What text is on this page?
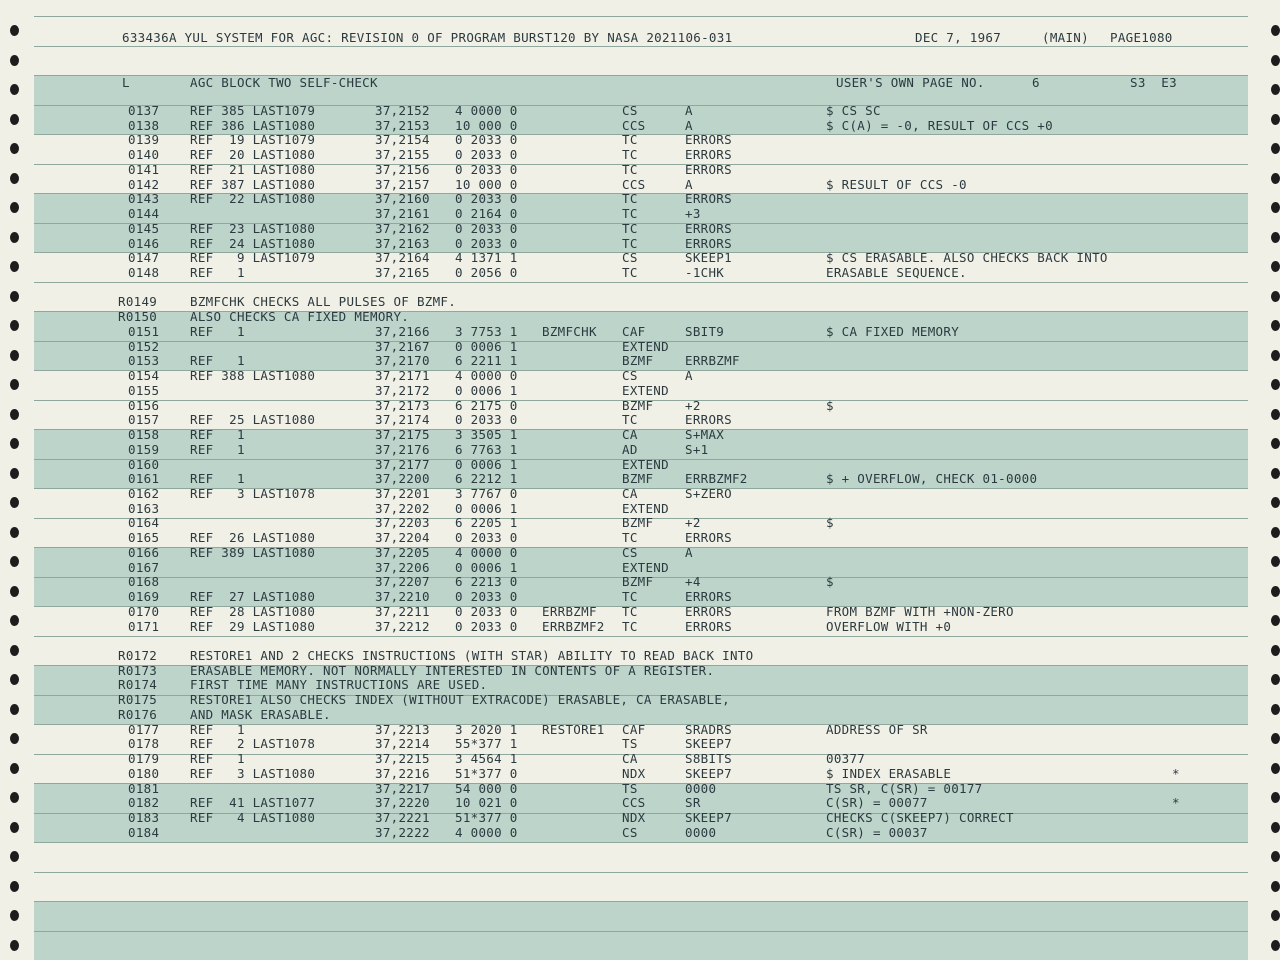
633436A YUL SYSTEM FOR AGC: REVISION 0 OF PROGRAM BURST120 BY NASA 2021106-031	DEC 7, 1967	(MAIN) PAGE1080
L	AGC BLOCK TWO SELF-CHECK	USER'S OWN PAGE NO.	6	S3  E3
0137 REF 385 LAST1079	37,2152 4 0000 0	CS	A	$ CS SC
0138 REF 386 LAST1080	37,2153 10 000 0	CCS	A	$ C(A) = -0, RESULT OF CCS +0
0139 REF  19 LAST1079	37,2154 0 2033 0	TC	ERRORS
0140 REF  20 LAST1080	37,2155 0 2033 0	TC	ERRORS
0141 REF  21 LAST1080	37,2156 0 2033 0	TC	ERRORS
0142 REF 387 LAST1080	37,2157 10 000 0	CCS	A	$ RESULT OF CCS -0
0143 REF  22 LAST1080	37,2160 0 2033 0	TC	ERRORS
0144	37,2161 0 2164 0	TC	+3
0145 REF  23 LAST1080	37,2162 0 2033 0	TC	ERRORS
0146 REF  24 LAST1080	37,2163 0 2033 0	TC	ERRORS
0147 REF   9 LAST1079	37,2164 4 1371 1	CS	SKEEP1	$ CS ERASABLE. ALSO CHECKS BACK INTO
0148 REF   1	37,2165 0 2056 0	TC	-1CHK	ERASABLE SEQUENCE.
R0149	BZMFCHK CHECKS ALL PULSES OF BZMF.
R0150	ALSO CHECKS CA FIXED MEMORY.
0151 REF   1	37,2166 3 7753 1 BZMFCHK CAF	SBIT9	$ CA FIXED MEMORY
0152	37,2167 0 0006 1	EXTEND
0153 REF   1	37,2170 6 2211 1	BZMF	ERRBZMF
0154 REF 388 LAST1080	37,2171 4 0000 0	CS	A
0155	37,2172 0 0006 1	EXTEND
0156	37,2173 6 2175 0	BZMF	+2	$
0157 REF  25 LAST1080	37,2174 0 2033 0	TC	ERRORS
0158 REF   1	37,2175 3 3505 1	CA	S+MAX
0159 REF   1	37,2176 6 7763 1	AD	S+1
0160	37,2177 0 0006 1	EXTEND
0161 REF   1	37,2200 6 2212 1	BZMF	ERRBZMF2	$ + OVERFLOW, CHECK 01-0000
0162 REF   3 LAST1078	37,2201 3 7767 0	CA	S+ZERO
0163	37,2202 0 0006 1	EXTEND
0164	37,2203 6 2205 1	BZMF	+2	$
0165 REF  26 LAST1080	37,2204 0 2033 0	TC	ERRORS
0166 REF 389 LAST1080	37,2205 4 0000 0	CS	A
0167	37,2206 0 0006 1	EXTEND
0168	37,2207 6 2213 0	BZMF	+4	$
0169 REF  27 LAST1080	37,2210 0 2033 0	TC	ERRORS
0170 REF  28 LAST1080	37,2211 0 2033 0 ERRBZMF TC	ERRORS	FROM BZMF WITH +NON-ZERO
0171 REF  29 LAST1080	37,2212 0 2033 0 ERRBZMF2 TC	ERRORS	OVERFLOW WITH +0
R0172	RESTORE1 AND 2 CHECKS INSTRUCTIONS (WITH STAR) ABILITY TO READ BACK INTO
R0173	ERASABLE MEMORY. NOT NORMALLY INTERESTED IN CONTENTS OF A REGISTER.
R0174	FIRST TIME MANY INSTRUCTIONS ARE USED.
R0175	RESTORE1 ALSO CHECKS INDEX (WITHOUT EXTRACODE) ERASABLE, CA ERASABLE,
R0176	AND MASK ERASABLE.
0177 REF   1	37,2213 3 2020 1 RESTORE1 CAF	SRADRS	ADDRESS OF SR
0178 REF   2 LAST1078	37,2214 55*377 1	TS	SKEEP7
0179 REF   1	37,2215 3 4564 1	CA	S8BITS	00377
0180 REF   3 LAST1080	37,2216 51*377 0	NDX	SKEEP7	$ INDEX ERASABLE	*
0181	37,2217 54 000 0	TS	0000	TS SR, C(SR) = 00177
0182 REF  41 LAST1077	37,2220 10 021 0	CCS	SR	C(SR) = 00077	*
0183 REF   4 LAST1080	37,2221 51*377 0	NDX	SKEEP7	CHECKS C(SKEEP7) CORRECT
0184	37,2222 4 0000 0	CS	0000	C(SR) = 00037
